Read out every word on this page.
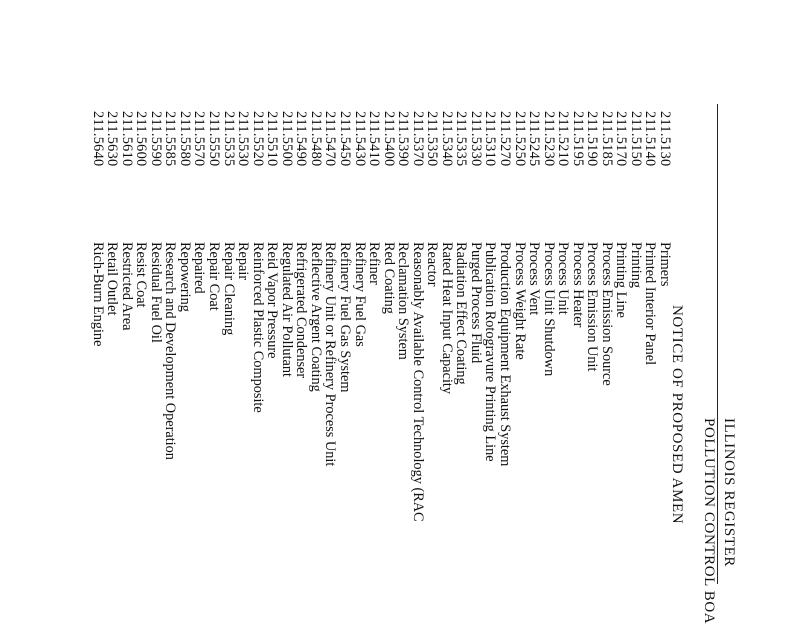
ILLINOIS REGISTER
POLLUTION CONTROL BOA
NOTICE OF PROPOSED AMEN
211.5130
Primers
211.5140
Printed Interior Panel
211.5150
Printing
211.5170
Printing Line
211.5185
Process Emission Source
211.5190
Process Emission Unit
211.5195
Process Heater
211.5210
Process Unit
211.5230
Process Unit Shutdown
211.5245
Process Vent
211.5250
Process Weight Rate
211.5270
Production Equipment Exhaust System
211.5310
Publication Rotogravure Printing Line
211.5330
Purged Process Fluid
211.5335
Radiation Effect Coating
211.5340
Rated Heat Input Capacity
211.5350
Reactor
211.5370
Reasonably Available Control Technology (RAC
211.5390
Reclamation System
211.5400
Red Coating
211.5410
Refiner
211.5430
Refinery Fuel Gas
211.5450
Refinery Fuel Gas System
211.5470
Refinery Unit or Refinery Process Unit
211.5480
Reflective Argent Coating
211.5490
Refrigerated Condenser
211.5500
Regulated Air Pollutant
211.5510
Reid Vapor Pressure
211.5520
Reinforced Plastic Composite
211.5530
Repair
211.5535
Repair Cleaning
211.5550
Repair Coat
211.5570
Repaired
211.5580
Repowering
211.5585
Research and Development Operation
211.5590
Residual Fuel Oil
211.5600
Resist Coat
211.5610
Restricted Area
211.5630
Retail Outlet
211.5640
Rich-Burn Engine
